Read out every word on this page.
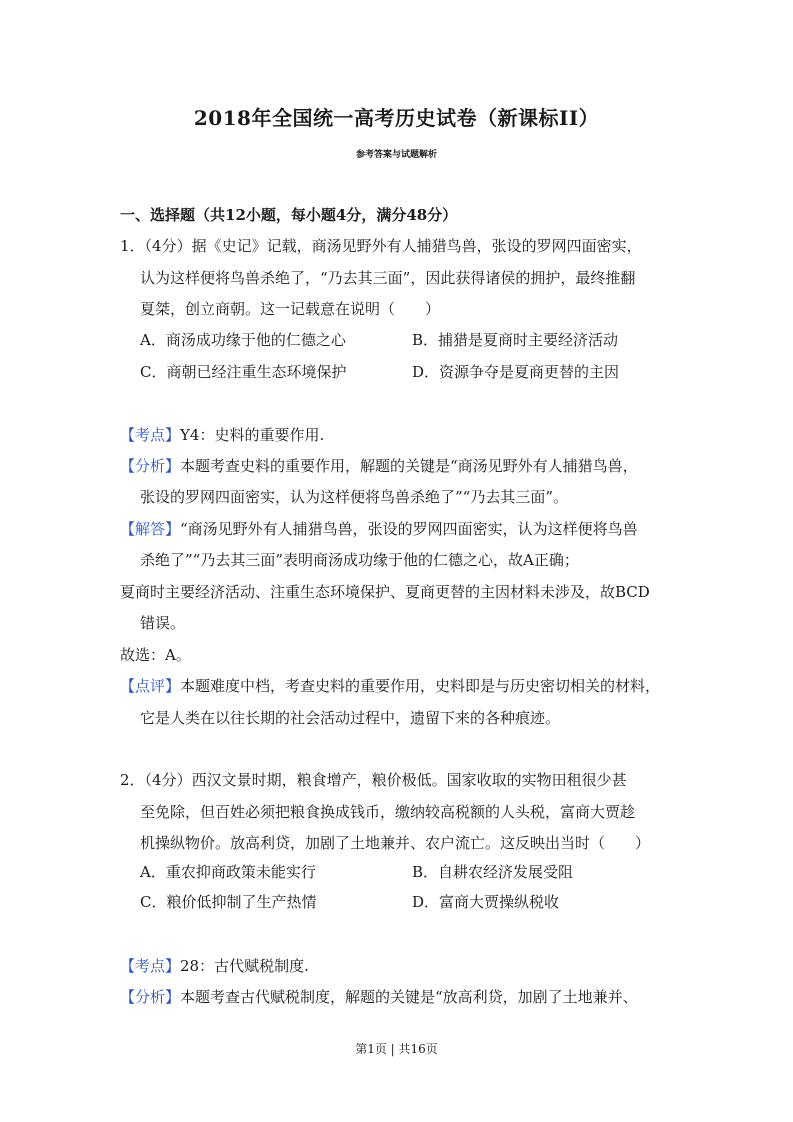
2018年全国统一高考历史试卷（新课标II）
参考答案与试题解析
一、选择题（共12小题，每小题4分，满分48分）
1．（4分）据《史记》记载，商汤见野外有人捕猎鸟兽，张设的罗网四面密实，
认为这样便将鸟兽杀绝了，“乃去其三面”，因此获得诸侯的拥护，最终推翻
夏桀，创立商朝。这一记载意在说明（　　）
A．商汤成功缘于他的仁德之心	B．捕猎是夏商时主要经济活动
C．商朝已经注重生态环境保护	D．资源争夺是夏商更替的主因
【考点】Y4：史料的重要作用.
【分析】本题考查史料的重要作用，解题的关键是“商汤见野外有人捕猎鸟兽，
张设的罗网四面密实，认为这样便将鸟兽杀绝了”“乃去其三面”。
【解答】“商汤见野外有人捕猎鸟兽，张设的罗网四面密实，认为这样便将鸟兽
杀绝了”“乃去其三面”表明商汤成功缘于他的仁德之心，故A正确；
夏商时主要经济活动、注重生态环境保护、夏商更替的主因材料未涉及，故BCD
错误。
故选：A。
【点评】本题难度中档，考查史料的重要作用，史料即是与历史密切相关的材料，
它是人类在以往长期的社会活动过程中，遗留下来的各种痕迹。
2．（4分）西汉文景时期，粮食增产，粮价极低。国家收取的实物田租很少甚
至免除，但百姓必须把粮食换成钱币，缴纳较高税额的人头税，富商大贾趁
机操纵物价。放高利贷，加剧了土地兼并、农户流亡。这反映出当时（　　）
A．重农抑商政策未能实行	B．自耕农经济发展受阻
C．粮价低抑制了生产热情	D．富商大贾操纵税收
【考点】28：古代赋税制度.
【分析】本题考查古代赋税制度，解题的关键是“放高利贷，加剧了土地兼并、
第1页 | 共16页
